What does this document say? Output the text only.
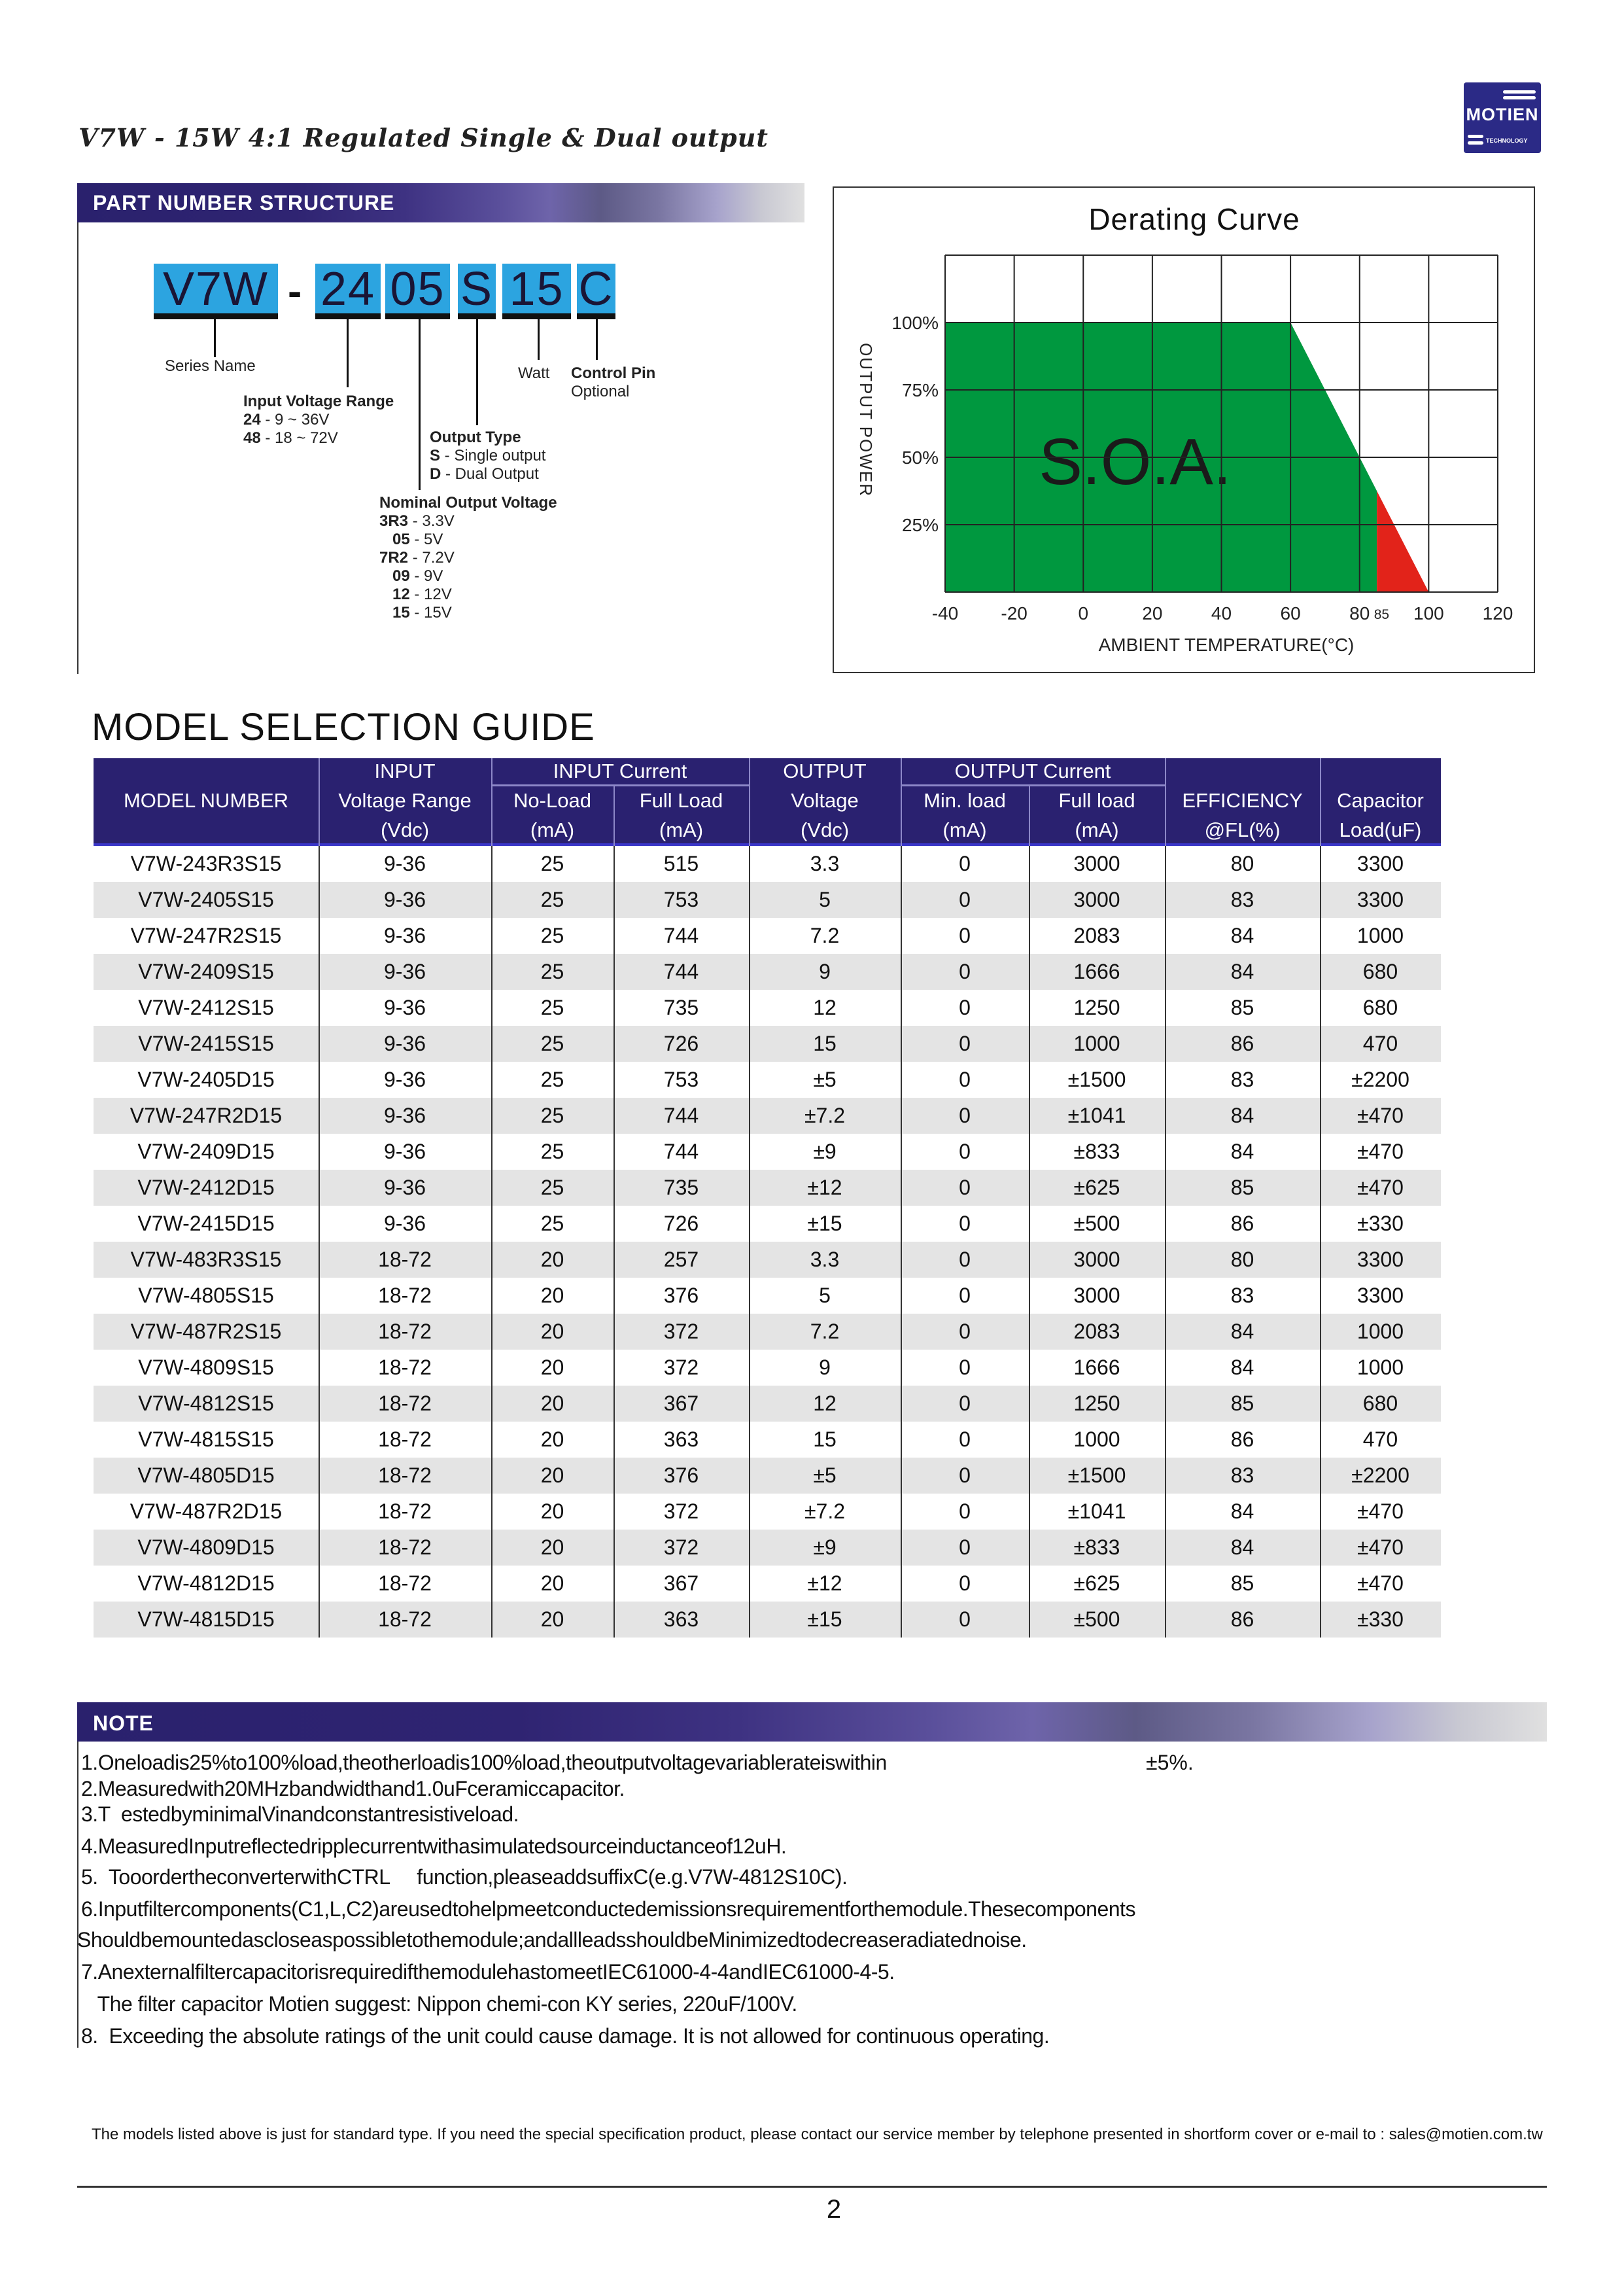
V7W - 15W 4:1 Regulated Single & Dual output
MOTIEN
TECHNOLOGY
PART NUMBER STRUCTURE
V7W - 24 05 S 15 C
Series Name
Input Voltage Range
24 - 9 ~ 36V
48 - 18 ~ 72V	Output Type
S - Single output
D - Dual Output
Nominal Output Voltage
3R3 - 3.3V
05 - 5V
7R2 - 7.2V
09 - 9V
12 - 12V
15 - 15V
Watt Control Pin
Optional
Derating Curve
OUTPUT POWER
AMBIENT TEMPERATURE(°C)
S.O.A.
-40 -20	0	20	40	60	80 100 120
85
25%
50%
75%
100%
MODEL SELECTION GUIDE
INPUT Current	OUTPUT Current
MODEL NUMBER
INPUT
Voltage Range
(Vdc)
No-Load
(mA)
Full Load
(mA)
OUTPUT
Voltage
(Vdc)
Min. load
(mA)
Full load
(mA)
EFFICIENCY
@FL(%)
Capacitor
Load(uF)
V7W-243R3S15	9-36	25	515	3.3	0	3000	80	3300
V7W-2405S15	9-36	25	753	5	0	3000	83	3300
V7W-247R2S15	9-36	25	744	7.2	0	2083	84	1000
V7W-2409S15	9-36	25	744	9	0	1666	84	680
V7W-2412S15	9-36	25	735	12	0	1250	85	680
V7W-2415S15	9-36	25	726	15	0	1000	86	470
V7W-2405D15	9-36	25	753	±5	0	±1500	83	±2200
V7W-247R2D15	9-36	25	744	±7.2	0	±1041	84	±470
V7W-2409D15	9-36	25	744	±9	0	±833	84	±470
V7W-2412D15	9-36	25	735	±12	0	±625	85	±470
V7W-2415D15	9-36	25	726	±15	0	±500	86	±330
V7W-483R3S15	18-72	20	257	3.3	0	3000	80	3300
V7W-4805S15	18-72	20	376	5	0	3000	83	3300
V7W-487R2S15	18-72	20	372	7.2	0	2083	84	1000
V7W-4809S15	18-72	20	372	9	0	1666	84	1000
V7W-4812S15	18-72	20	367	12	0	1250	85	680
V7W-4815S15	18-72	20	363	15	0	1000	86	470
V7W-4805D15	18-72	20	376	±5	0	±1500	83	±2200
V7W-487R2D15	18-72	20	372	±7.2	0	±1041	84	±470
V7W-4809D15	18-72	20	372	±9	0	±833	84	±470
V7W-4812D15	18-72	20	367	±12	0	±625	85	±470
V7W-4815D15	18-72	20	363	±15	0	±500	86	±330
NOTE
1.Oneloadis25%to100%load,theotherloadis100%load,theoutputvoltagevariablerateiswithin
2.Measuredwith20MHzbandwidthand1.0uFceramiccapacitor.
3.T  estedbyminimalVinandconstantresistiveload.
4.MeasuredInputreflectedripplecurrentwithasimulatedsourceinductanceof12uH.
5.  TooordertheconverterwithCTRL     function,pleaseaddsuffixC(e.g.V7W-4812S10C).
6.Inputfiltercomponents(C1,L,C2)areusedtohelpmeetconductedemissionsrequirementforthemodule.Thesecomponents
Shouldbemountedascloseaspossibletothemodule;andallleadsshouldbeMinimizedtodecreaseradiatednoise.
7.AnexternalfiltercapacitorisrequiredifthemodulehastomeetIEC61000-4-4andIEC61000-4-5.
The filter capacitor Motien suggest: Nippon chemi-con KY series, 220uF/100V.
8.  Exceeding the absolute ratings of the unit could cause damage. It is not allowed for continuous operating.
±5%.
The models listed above is just for standard type. If you need the special specification product, please contact our service member by telephone presented in shortform cover or e-mail to : sales@motien.com.tw
2
